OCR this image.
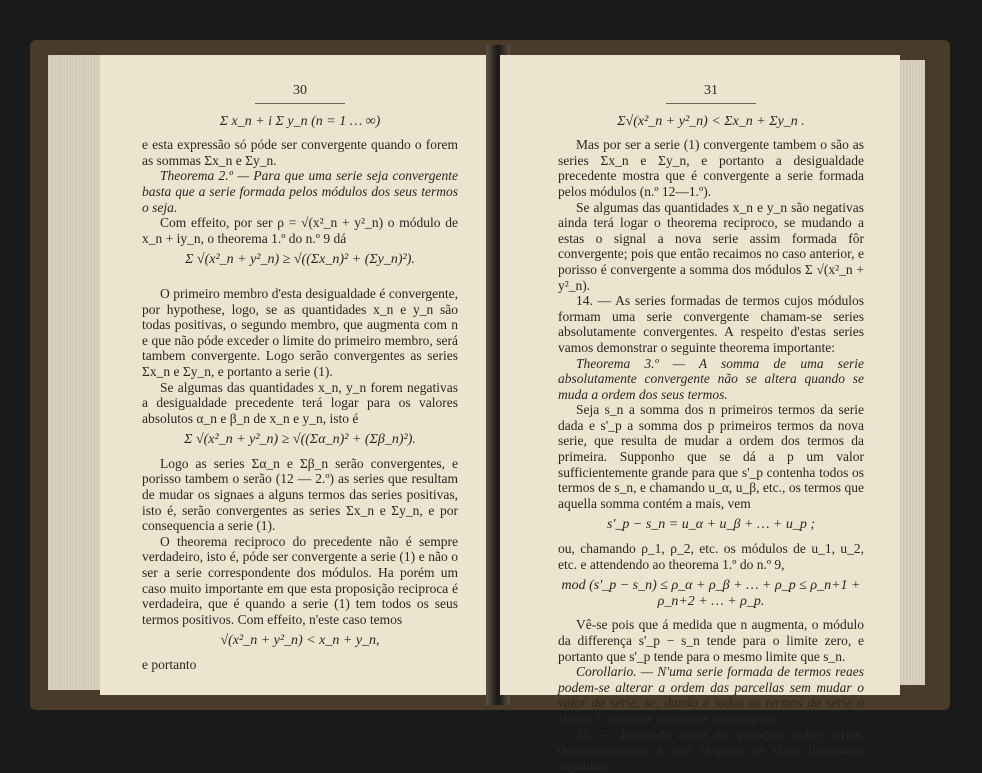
30
Σ x_n + i Σ y_n (n = 1 … ∞)

e esta expressão só póde ser convergente quando o forem as sommas Σx_n e Σy_n.

Theorema 2.º — Para que uma serie seja convergente basta que a serie formada pelos módulos dos seus termos o seja.

Com effeito, por ser ρ = √(x²_n + y²_n) o módulo de x_n + iy_n, o theorema 1.º do n.º 9 dá

Σ √(x²_n + y²_n) ≥ √((Σx_n)² + (Σy_n)²).

O primeiro membro d'esta desigualdade é convergente, por hypothese, logo, se as quantidades x_n e y_n são todas positivas, o segundo membro, que augmenta com n e que não póde exceder o limite do primeiro membro, será tambem convergente. Logo serão convergentes as series Σx_n e Σy_n, e portanto a serie (1).

Se algumas das quantidades x_n, y_n forem negativas a desigualdade precedente terá logar para os valores absolutos α_n e β_n de x_n e y_n, isto é

Σ √(x²_n + y²_n) ≥ √((Σα_n)² + (Σβ_n)²).

Logo as series Σα_n e Σβ_n serão convergentes, e porisso tambem o serão (12 — 2.º) as series que resultam de mudar os signaes a alguns termos das series positivas, isto é, serão convergentes as series Σx_n e Σy_n, e por consequencia a serie (1).

O theorema reciproco do precedente não é sempre verdadeiro, isto é, póde ser convergente a serie (1) e não o ser a serie correspondente dos módulos. Ha porém um caso muito importante em que esta proposição reciproca é verdadeira, que é quando a serie (1) tem todos os seus termos positivos. Com effeito, n'este caso temos

√(x²_n + y²_n) < x_n + y_n,

e portanto

31
Σ√(x²_n + y²_n) < Σx_n + Σy_n .

Mas por ser a serie (1) convergente tambem o são as series Σx_n e Σy_n, e portanto a desigualdade precedente mostra que é convergente a serie formada pelos módulos (n.º 12—1.º).

Se algumas das quantidades x_n e y_n são negativas ainda terá logar o theorema reciproco, se mudando a estas o signal a nova serie assim formada fôr convergente; pois que então recaimos no caso anterior, e porisso é convergente a somma dos módulos Σ √(x²_n + y²_n).

14. — As series formadas de termos cujos módulos formam uma serie convergente chamam-se series absolutamente convergentes. A respeito d'estas series vamos demonstrar o seguinte theorema importante:

Theorema 3.º — A somma de uma serie absolutamente convergente não se altera quando se muda a ordem dos seus termos.

Seja s_n a somma dos n primeiros termos da serie dada e s'_p a somma dos p primeiros termos da nova serie, que resulta de mudar a ordem dos termos da primeira. Supponho que se dá a p um valor sufficientemente grande para que s'_p contenha todos os termos de s_n, e chamando u_α, u_β, etc., os termos que aquella somma contém a mais, vem

s'_p − s_n = u_α + u_β + … + u_p ;

ou, chamando ρ_1, ρ_2, etc. os módulos de u_1, u_2, etc. e attendendo ao theorema 1.º do n.º 9,

mod (s'_p − s_n) ≤ ρ_α + ρ_β + … + ρ_p ≤ ρ_n+1 + ρ_n+2 + … + ρ_p.

Vê-se pois que á medida que n augmenta, o módulo da differença s'_p − s_n tende para o limite zero, e portanto que s'_p tende para o mesmo limite que s_n.

Corollario. — N'uma serie formada de termos reaes podem-se alterar a ordem das parcellas sem mudar o valor da serie, se, dando a todos os termos da serie o signal +, resultar uma serie convergente.

15. — Passando agora ás operações sobre series, demonstraremos a este respeito os dous theoremas seguintes:
